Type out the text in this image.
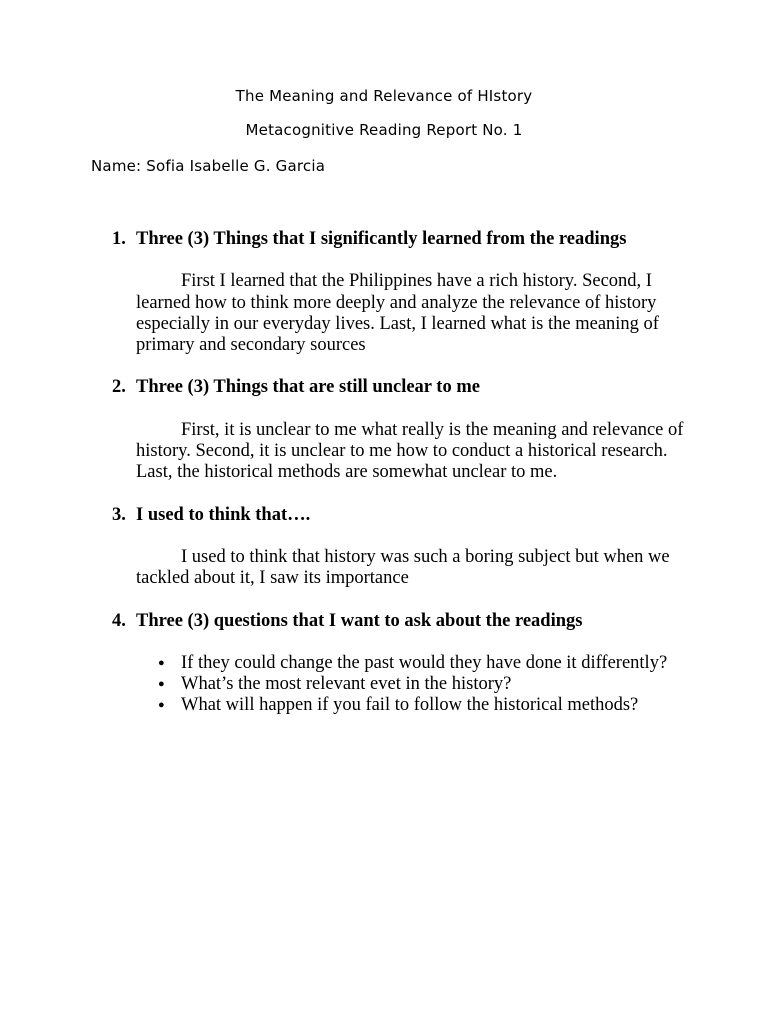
The Meaning and Relevance of HIstory
Metacognitive Reading Report No. 1
Name: Sofia Isabelle G. Garcia
1. Three (3) Things that I significantly learned from the readings

First I learned that the Philippines have a rich history. Second, I learned how to think more deeply and analyze the relevance of history especially in our everyday lives. Last, I learned what is the meaning of primary and secondary sources

2. Three (3) Things that are still unclear to me

First, it is unclear to me what really is the meaning and relevance of history. Second, it is unclear to me how to conduct a historical research. Last, the historical methods are somewhat unclear to me.

3. I used to think that….

I used to think that history was such a boring subject but when we tackled about it, I saw its importance

4. Three (3) questions that I want to ask about the readings
● If they could change the past would they have done it differently?
● What’s the most relevant evet in the history?
● What will happen if you fail to follow the historical methods?
